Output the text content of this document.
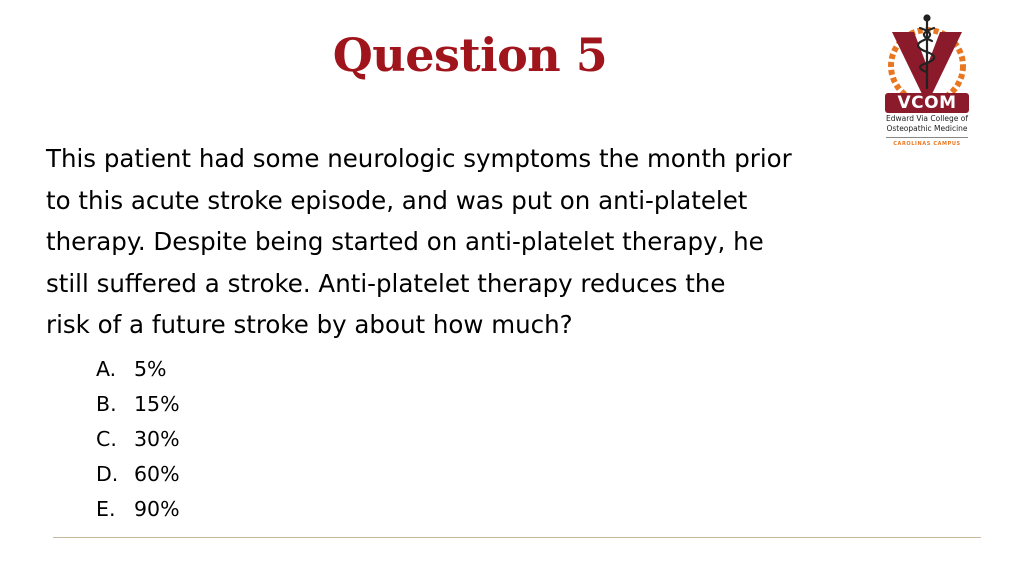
Question 5
VCOM
Edward Via College of
Osteopathic Medicine
CAROLINAS CAMPUS
This patient had some neurologic symptoms the month prior
to this acute stroke episode, and was put on anti-platelet
therapy. Despite being started on anti-platelet therapy, he
still suffered a stroke. Anti-platelet therapy reduces the
risk of a future stroke by about how much?
A. 5%
B. 15%
C. 30%
D. 60%
E. 90%
